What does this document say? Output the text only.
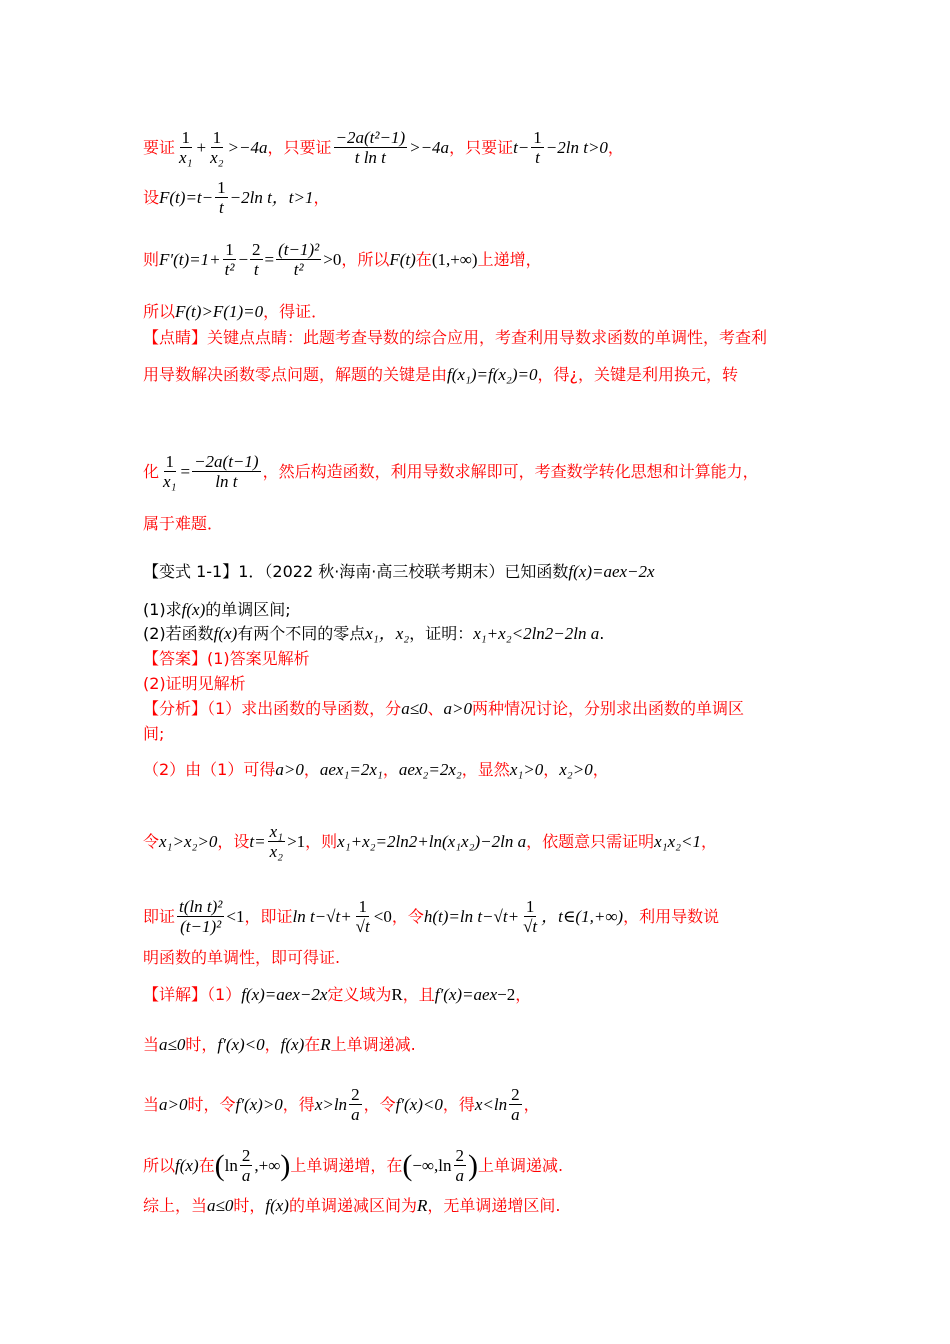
要证 $\frac{1}{\text{x₁}} + \frac{1}{\text{x₂}} >-4a$ ，只要证 $\frac{\text{−2a(t²−1)}}{\text{t ln t}} >-4a$ ，只要证 $t- \frac{1}{t} -2\ln$ t>0 ，
设 $F(t)=t- \frac{1}{t} -2\ln$ t，t>1 ，
则 $F'(t)=1+ \frac{1}{\text{t²}} - \frac{2}{t} = \frac{\text{(t−1)²}}{\text{t²}} >0$ ，所以 F(t) 在 (1,+∞) 上递增，
所以 F(t)>F(1)=0 ，得证．
【点睛】关键点点睛：此题考查导数的综合应用，考查利用导数求函数的单调性，考查利
用导数解决函数零点问题，解题的关键是由 f(x₁)=f(x₂)=0 ，得¿，关键是利用换元，转
化 $\frac{1}{\text{x₁}} = \frac{-2a(t-1)}{\text{ln t}}$ ，然后构造函数，利用导数求解即可，考查数学转化思想和计算能力，
属于难题．
【变式 1-1】1．（2022 秋·海南·高三校联考期末）已知函数 f(x)=ae x −2x
(1)求 f(x) 的单调区间;
(2)若函数 f(x) 有两个不同的零点 x₁，x₂ ，证明： x₁+x₂<2ln2−2ln a .
【答案】(1)答案见解析
(2)证明见解析
【分析】（1）求出函数的导函数，分 a≤0 、 a>0 两种情况讨论，分别求出函数的单调区
间;
（2）由（1）可得 a>0 ， ae x₁ =2x₁ ， ae x₂ =2x₂ ，显然 x₁>0 ， x₂>0 ，
令 x₁>x₂>0 ，设 $t= \frac{\text{x₁}}{\text{x₂}} >1$ ，则 x₁+x₂=2ln2+ln(x₁x₂)−2ln a ，依题意只需证明 x₁x₂<1 ，
即证 $\frac{\text{t(ln t)²}}{\text{(t−1)²}} <1$ ，即证 $\ln t-√t+ \frac{1}{√t} <0$ ，令 h(t)=ln $t-√t+ \frac{1}{√t}$ ，t∈(1,+∞) ，利用导数说
明函数的单调性，即可得证.
【详解】（1） f(x)=ae x −2x 定义域为 R ，且 f′(x)=ae x −2 ，
当 a≤0 时， f′(x)<0 ， f(x) 在 R 上单调递减.
当 a>0 时，令 f′(x)>0 ，得 $x>\ln \frac{2}{a}$ ，令 f′(x)<0 ，得 $x<\ln \frac{2}{a}$ ，
所以 f(x) 在 ( $\ln \frac{2}{a}$ ,+∞ ) 上单调递增，在 ( $-\infty,\ln \frac{2}{a}$ ) 上单调递减.
综上，当 a≤0 时， f(x) 的单调递减区间为 R ，无单调递增区间.
